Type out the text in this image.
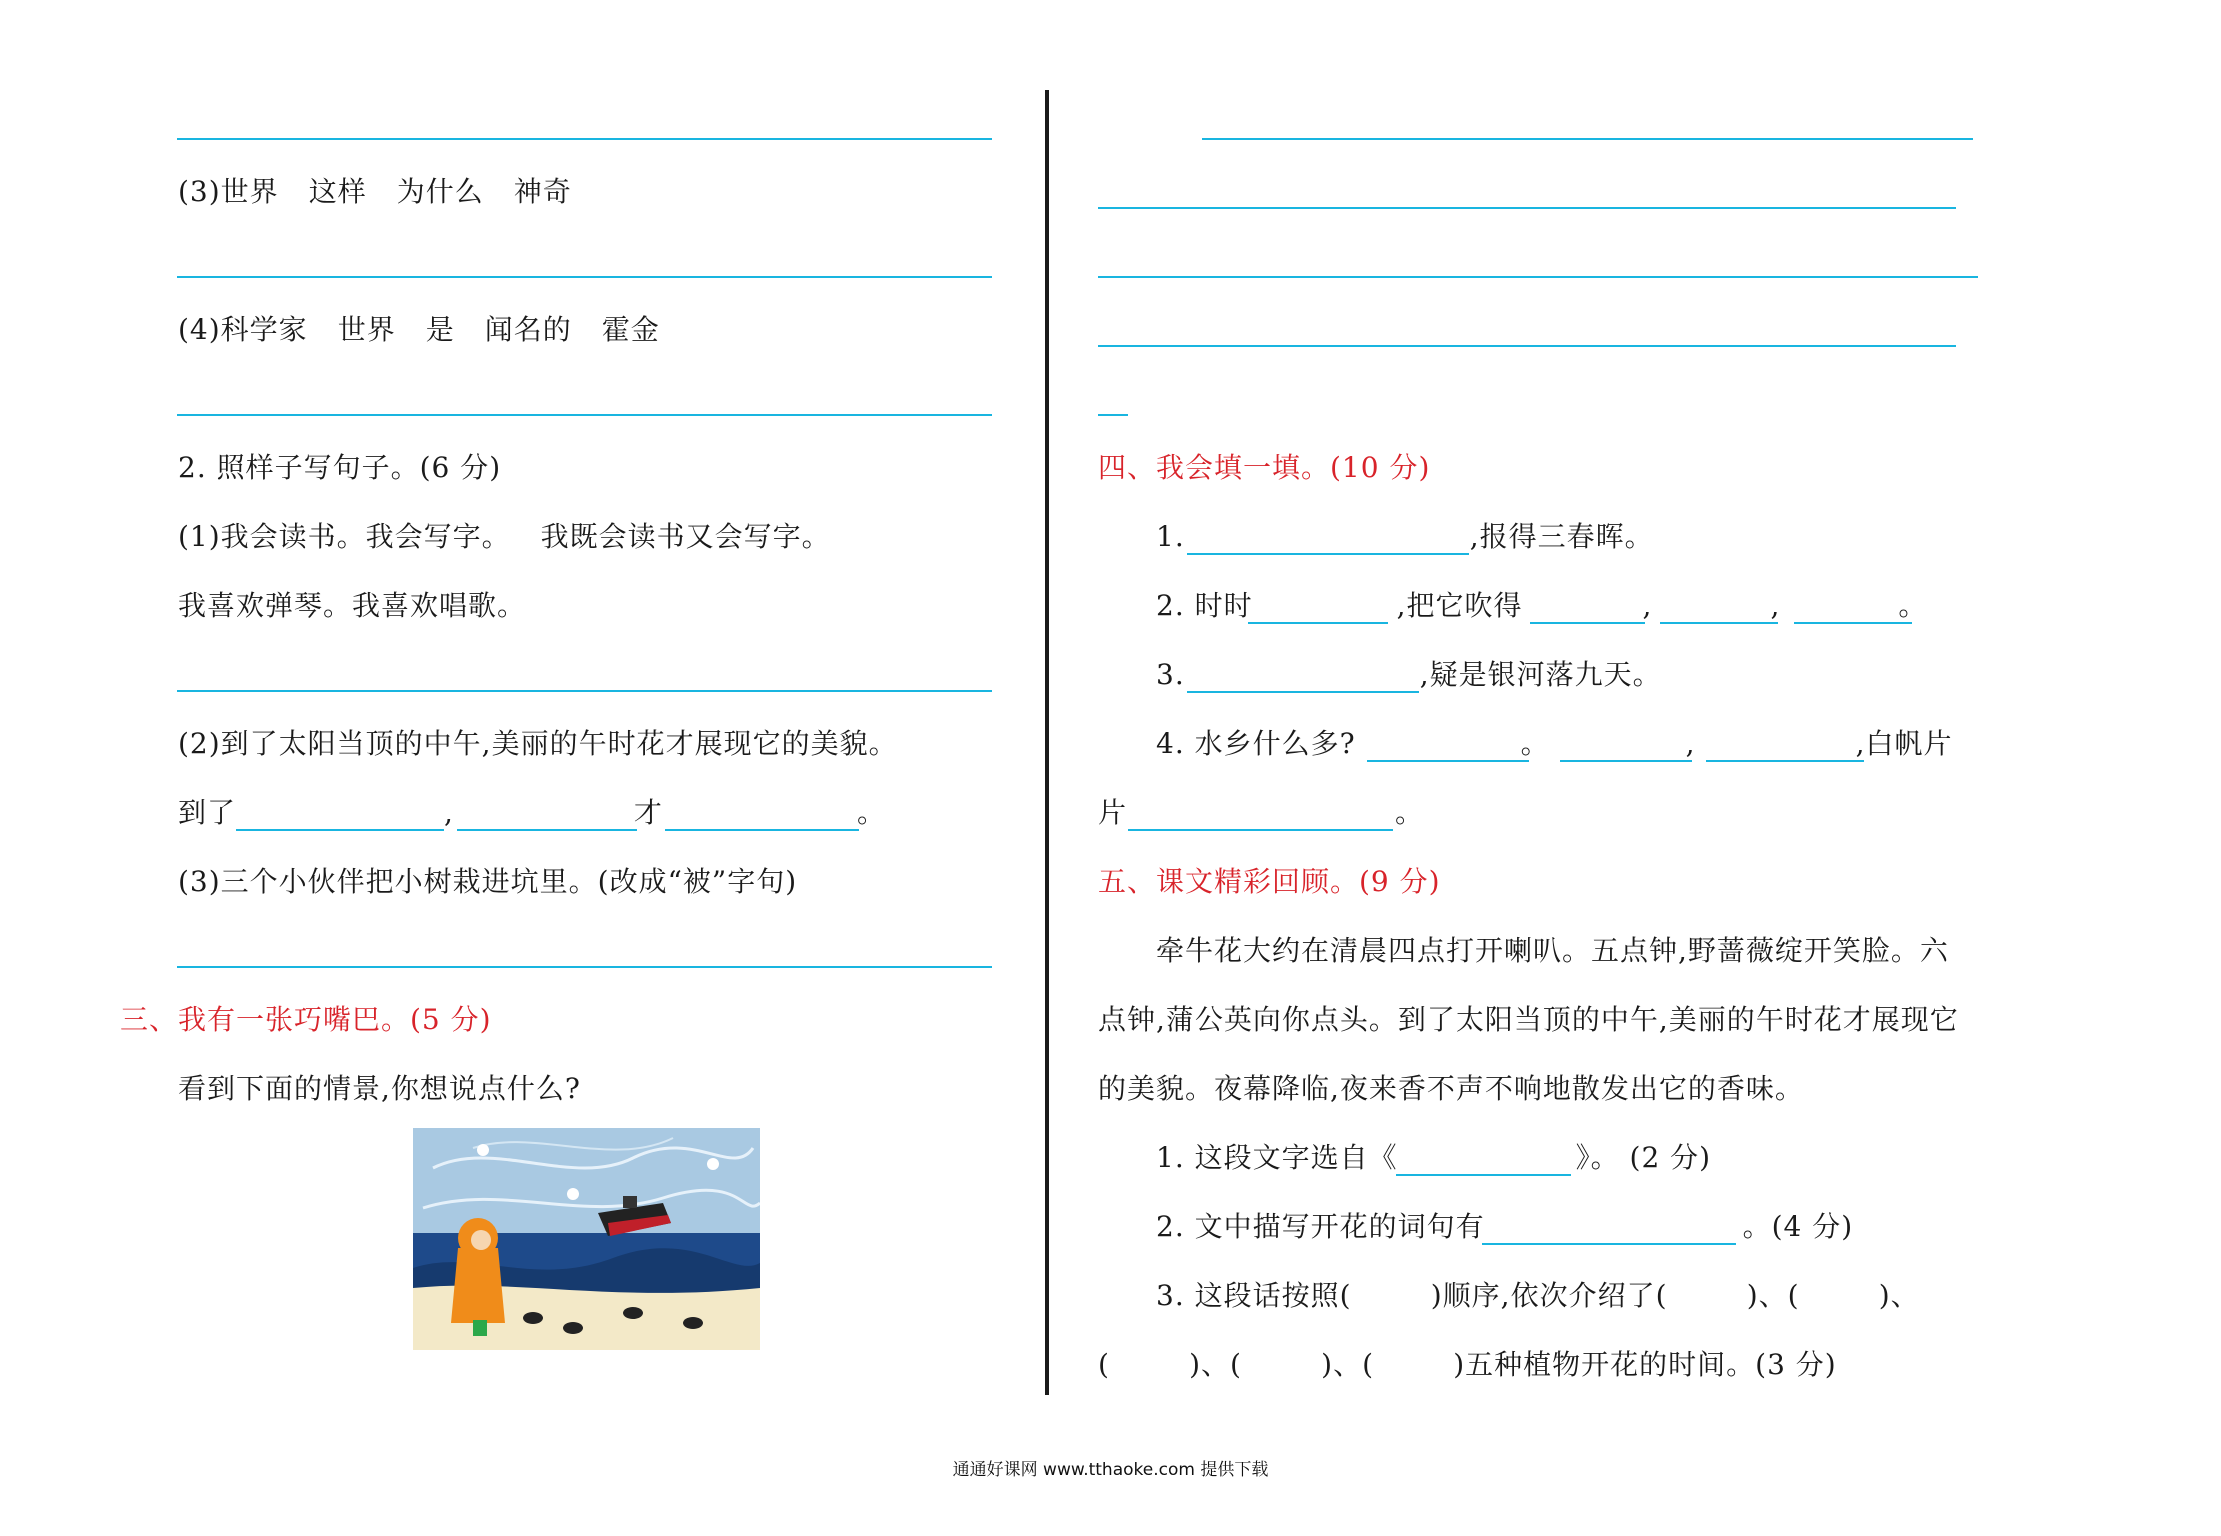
(3)世界 这样 为什么 神奇
(4)科学家 世界 是 闻名的 霍金
2. 照样子写句子。(6 分)
(1)我会读书。我会写字。 我既会读书又会写字。
我喜欢弹琴。我喜欢唱歌。
(2)到了太阳当顶的中午,美丽的午时花才展现它的美貌。
到了	,	才	。
(3)三个小伙伴把小树栽进坑里。(改成“被”字句)
三、我有一张巧嘴巴。(5 分)
看到下面的情景,你想说点什么?
四、我会填一填。(10 分)
1.	,报得三春晖。
2. 时时	,把它吹得	,	,	。
3.	,疑是银河落九天。
4. 水乡什么多?	。	,	,白帆片
片	。
五、课文精彩回顾。(9 分)
牵牛花大约在清晨四点打开喇叭。五点钟,野蔷薇绽开笑脸。六
点钟,蒲公英向你点头。到了太阳当顶的中午,美丽的午时花才展现它
的美貌。夜幕降临,夜来香不声不响地散发出它的香味。
1. 这段文字选自《	》。 (2 分)
2. 文中描写开花的词句有	。(4 分)
3. 这段话按照(        )顺序,依次介绍了(        )、(        )、
(        )、(        )、(        )五种植物开花的时间。(3 分)
通通好课网 www.tthaoke.com 提供下载
